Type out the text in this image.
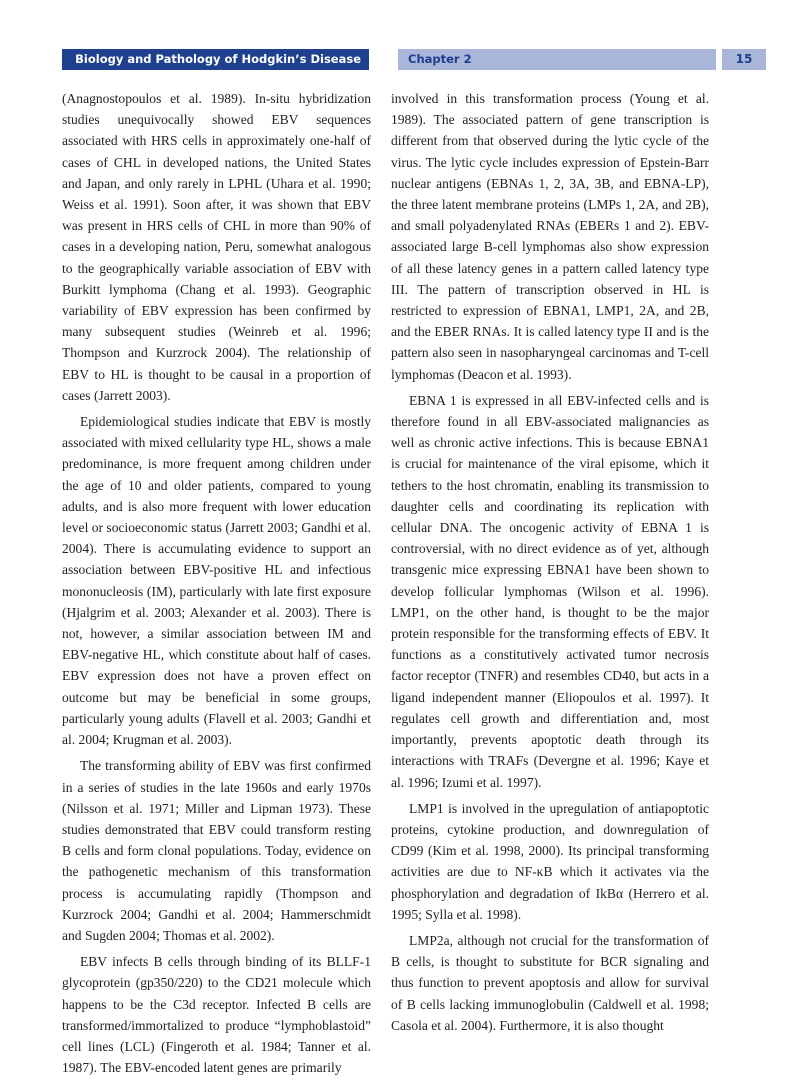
Biology and Pathology of Hodgkin’s Disease	Chapter 2	15

(Anagnostopoulos et al. 1989). In-situ hybridization studies unequivocally showed EBV sequences associated with HRS cells in approximately one-half of cases of CHL in developed nations, the United States and Japan, and only rarely in LPHL (Uhara et al. 1990; Weiss et al. 1991). Soon after, it was shown that EBV was present in HRS cells of CHL in more than 90% of cases in a developing nation, Peru, somewhat analogous to the geographically variable association of EBV with Burkitt lymphoma (Chang et al. 1993). Geographic variability of EBV expression has been confirmed by many subsequent studies (Weinreb et al. 1996; Thompson and Kurzrock 2004). The relationship of EBV to HL is thought to be causal in a proportion of cases (Jarrett 2003).

Epidemiological studies indicate that EBV is mostly associated with mixed cellularity type HL, shows a male predominance, is more frequent among children under the age of 10 and older patients, compared to young adults, and is also more frequent with lower education level or socioeconomic status (Jarrett 2003; Gandhi et al. 2004). There is accumulating evidence to support an association between EBV-positive HL and infectious mononucleosis (IM), particularly with late first exposure (Hjalgrim et al. 2003; Alexander et al. 2003). There is not, however, a similar association between IM and EBV-negative HL, which constitute about half of cases. EBV expression does not have a proven effect on outcome but may be beneficial in some groups, particularly young adults (Flavell et al. 2003; Gandhi et al. 2004; Krugman et al. 2003).

The transforming ability of EBV was first confirmed in a series of studies in the late 1960s and early 1970s (Nilsson et al. 1971; Miller and Lipman 1973). These studies demonstrated that EBV could transform resting B cells and form clonal populations. Today, evidence on the pathogenetic mechanism of this transformation process is accumulating rapidly (Thompson and Kurzrock 2004; Gandhi et al. 2004; Hammerschmidt and Sugden 2004; Thomas et al. 2002).

EBV infects B cells through binding of its BLLF-1 glycoprotein (gp350/220) to the CD21 molecule which happens to be the C3d receptor. Infected B cells are transformed/immortalized to produce “lymphoblastoid” cell lines (LCL) (Fingeroth et al. 1984; Tanner et al. 1987). The EBV-encoded latent genes are primarily

involved in this transformation process (Young et al. 1989). The associated pattern of gene transcription is different from that observed during the lytic cycle of the virus. The lytic cycle includes expression of Epstein-Barr nuclear antigens (EBNAs 1, 2, 3A, 3B, and EBNA-LP), the three latent membrane proteins (LMPs 1, 2A, and 2B), and small polyadenylated RNAs (EBERs 1 and 2). EBV-associated large B-cell lymphomas also show expression of all these latency genes in a pattern called latency type III. The pattern of transcription observed in HL is restricted to expression of EBNA1, LMP1, 2A, and 2B, and the EBER RNAs. It is called latency type II and is the pattern also seen in nasopharyngeal carcinomas and T-cell lymphomas (Deacon et al. 1993).

EBNA 1 is expressed in all EBV-infected cells and is therefore found in all EBV-associated malignancies as well as chronic active infections. This is because EBNA1 is crucial for maintenance of the viral episome, which it tethers to the host chromatin, enabling its transmission to daughter cells and coordinating its replication with cellular DNA. The oncogenic activity of EBNA 1 is controversial, with no direct evidence as of yet, although transgenic mice expressing EBNA1 have been shown to develop follicular lymphomas (Wilson et al. 1996). LMP1, on the other hand, is thought to be the major protein responsible for the transforming effects of EBV. It functions as a constitutively activated tumor necrosis factor receptor (TNFR) and resembles CD40, but acts in a ligand independent manner (Eliopoulos et al. 1997). It regulates cell growth and differentiation and, most importantly, prevents apoptotic death through its interactions with TRAFs (Devergne et al. 1996; Kaye et al. 1996; Izumi et al. 1997).

LMP1 is involved in the upregulation of antiapoptotic proteins, cytokine production, and downregulation of CD99 (Kim et al. 1998, 2000). Its principal transforming activities are due to NF-κB which it activates via the phosphorylation and degradation of IkBα (Herrero et al. 1995; Sylla et al. 1998).

LMP2a, although not crucial for the transformation of B cells, is thought to substitute for BCR signaling and thus function to prevent apoptosis and allow for survival of B cells lacking immunoglobulin (Caldwell et al. 1998; Casola et al. 2004). Furthermore, it is also thought
